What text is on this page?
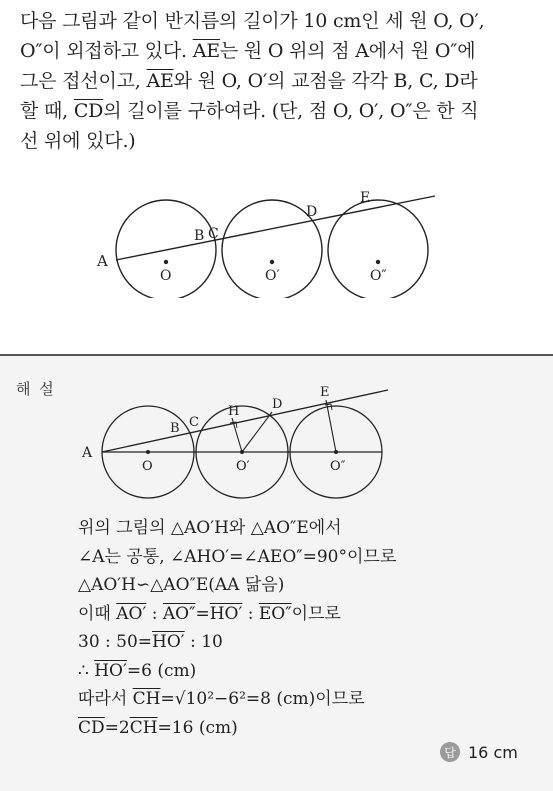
다음 그림과 같이 반지름의 길이가 10 cm인 세 원 O, O′,

O″이 외접하고 있다. $\overline{AE}$는 원 O 위의 점 A에서 원 O″에

그은 접선이고, $\overline{AE}$와 원 O, O′의 교점을 각각 B, C, D라

할 때, $\overline{CD}$의 길이를 구하여라. (단, 점 O, O′, O″은 한 직

선 위에 있다.)

A
B C
D
E
O	O′	O″
해 설
A
B C
H	D
E
O	O′	O″

위의 그림의 △AO′H와 △AO″E에서

∠A는 공통, ∠AHO′=∠AEO″=90°이므로

△AO′H∽△AO″E(AA 닮음)

이때 AO′ : AO″=HO′ : EO″이므로

30 : 50=HO′ : 10

∴ HO′=6 (cm)

따라서 $\overline{CH}=√10^2-6^2=8$ (cm)이므로

$\overline{CD}=2\overline{CH}=16$ (cm)

답 16 cm
